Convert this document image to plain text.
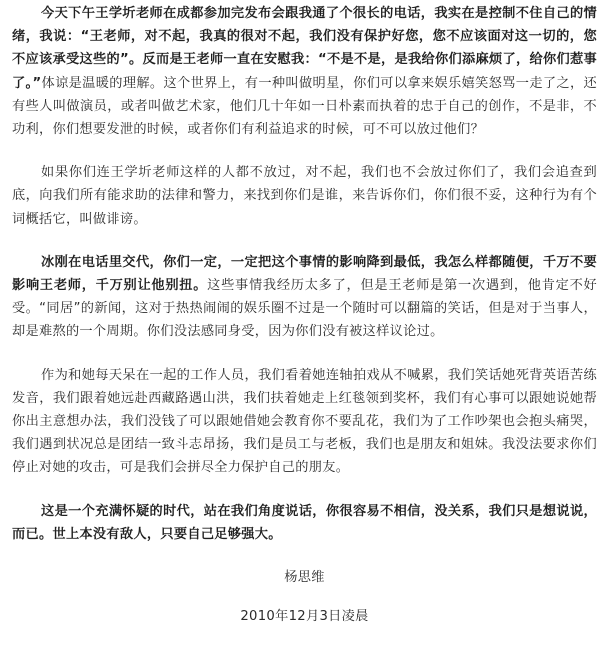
今天下午王学圻老师在成都参加完发布会跟我通了个很长的电话，我实在是控制不住自己的情绪，我说：“王老师，对不起，我真的很对不起，我们没有保护好您，您不应该面对这一切的，您不应该承受这些的”。反而是王老师一直在安慰我：“不是不是，是我给你们添麻烦了，给你们惹事了。”体谅是温暖的理解。这个世界上，有一种叫做明星，你们可以拿来娱乐嬉笑怒骂一走了之，还有些人叫做演员，或者叫做艺术家，他们几十年如一日朴素而执着的忠于自己的创作，不是非，不功利，你们想要发泄的时候，或者你们有利益追求的时候，可不可以放过他们？

如果你们连王学圻老师这样的人都不放过，对不起，我们也不会放过你们了，我们会追查到底，向我们所有能求助的法律和警力，来找到你们是谁，来告诉你们，你们很不妥，这种行为有个词概括它，叫做诽谤。

冰刚在电话里交代，你们一定，一定把这个事情的影响降到最低，我怎么样都随便，千万不要影响王老师，千万别让他别扭。这些事情我经历太多了，但是王老师是第一次遇到，他肯定不好受。“同居”的新闻，这对于热热闹闹的娱乐圈不过是一个随时可以翻篇的笑话，但是对于当事人，却是难熬的一个周期。你们没法感同身受，因为你们没有被这样议论过。

作为和她每天呆在一起的工作人员，我们看着她连轴拍戏从不喊累，我们笑话她死背英语苦练发音，我们跟着她远赴西藏路遇山洪，我们扶着她走上红毯领到奖杯，我们有心事可以跟她说她帮你出主意想办法，我们没钱了可以跟她借她会教育你不要乱花，我们为了工作吵架也会抱头痛哭，我们遇到状况总是团结一致斗志昂扬，我们是员工与老板，我们也是朋友和姐妹。我没法要求你们停止对她的攻击，可是我们会拼尽全力保护自己的朋友。

这是一个充满怀疑的时代，站在我们角度说话，你很容易不相信，没关系，我们只是想说说，而已。世上本没有敌人，只要自己足够强大。

杨思维

2010年12月3日凌晨
